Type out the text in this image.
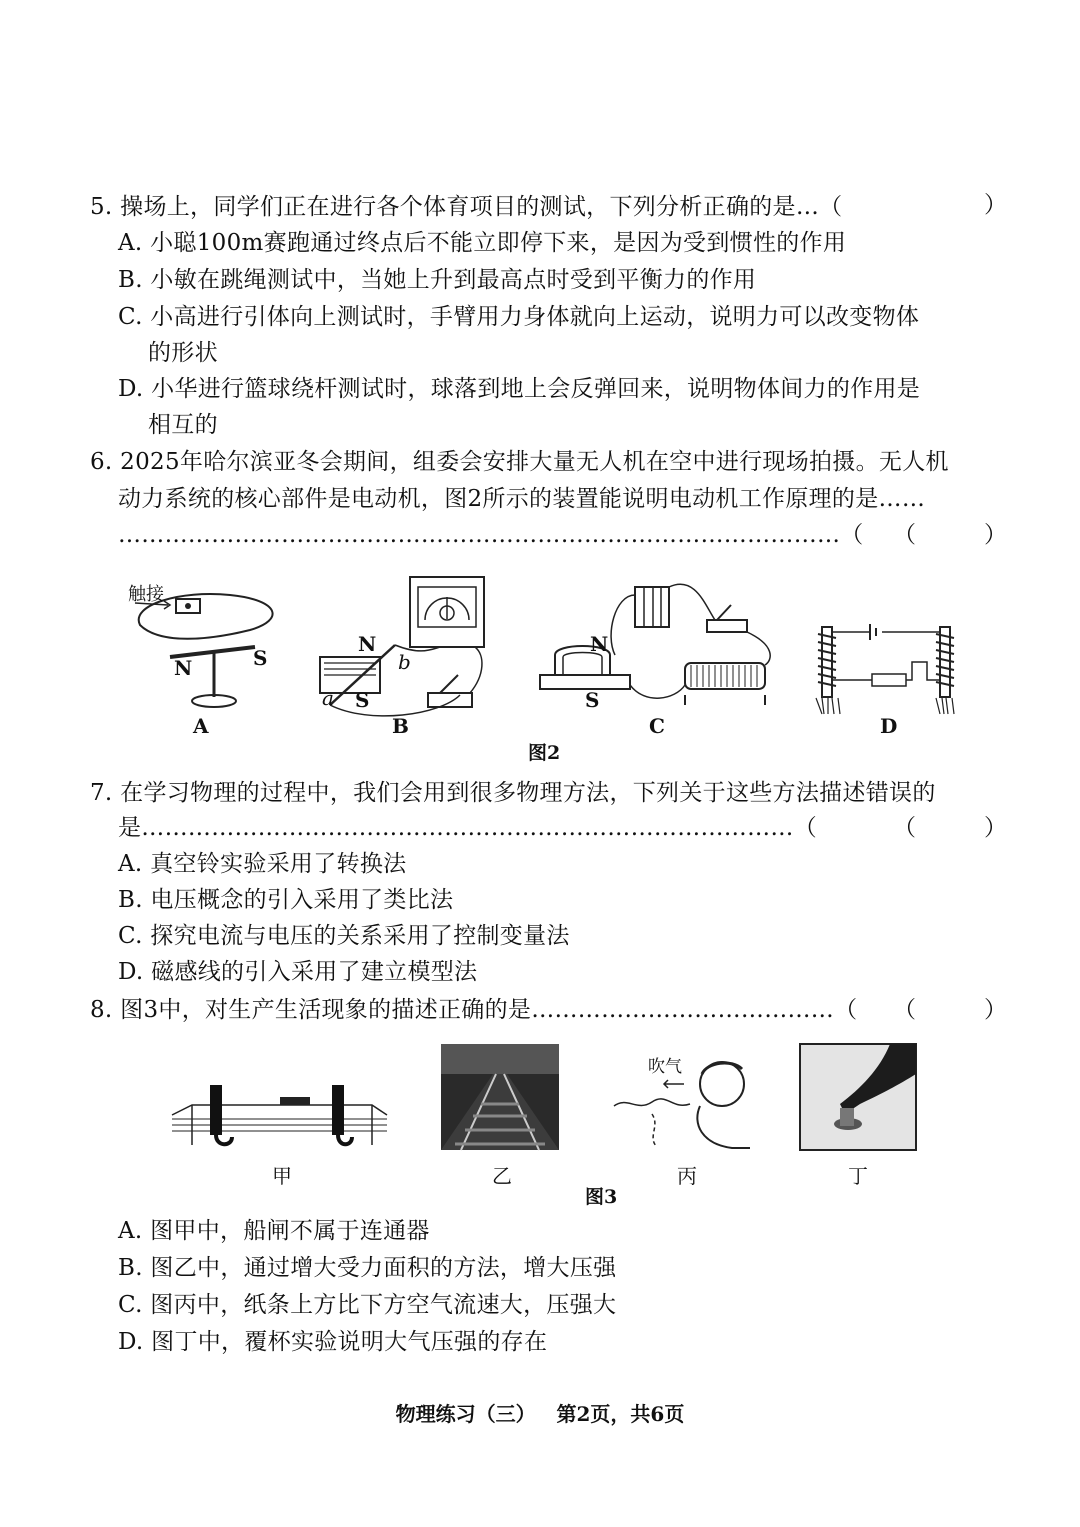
5. 操场上，同学们正在进行各个体育项目的测试，下列分析正确的是…（	）
A. 小聪100m赛跑通过终点后不能立即停下来，是因为受到惯性的作用
B. 小敏在跳绳测试中，当她上升到最高点时受到平衡力的作用
C. 小高进行引体向上测试时，手臂用力身体就向上运动，说明力可以改变物体
的形状
D. 小华进行篮球绕杆测试时，球落到地上会反弹回来，说明物体间力的作用是
相互的
6. 2025年哈尔滨亚冬会期间，组委会安排大量无人机在空中进行现场拍摄。无人机
动力系统的核心部件是电动机，图2所示的装置能说明电动机工作原理的是……
…………………………………………………………………………………（	（	）
触接
N	S
A
N
S
a
b
B
N
S
C	D
图2
7. 在学习物理的过程中，我们会用到很多物理方法，下列关于这些方法描述错误的
是…………………………………………………………………………（	（	）
A. 真空铃实验采用了转换法
B. 电压概念的引入采用了类比法
C. 探究电流与电压的关系采用了控制变量法
D. 磁感线的引入采用了建立模型法
8. 图3中，对生产生活现象的描述正确的是…………………………………（	（	）
甲	乙
吹气
丙	丁
图3
A. 图甲中，船闸不属于连通器
B. 图乙中，通过增大受力面积的方法，增大压强
C. 图丙中，纸条上方比下方空气流速大，压强大
D. 图丁中，覆杯实验说明大气压强的存在
物理练习（三）   第2页，共6页
